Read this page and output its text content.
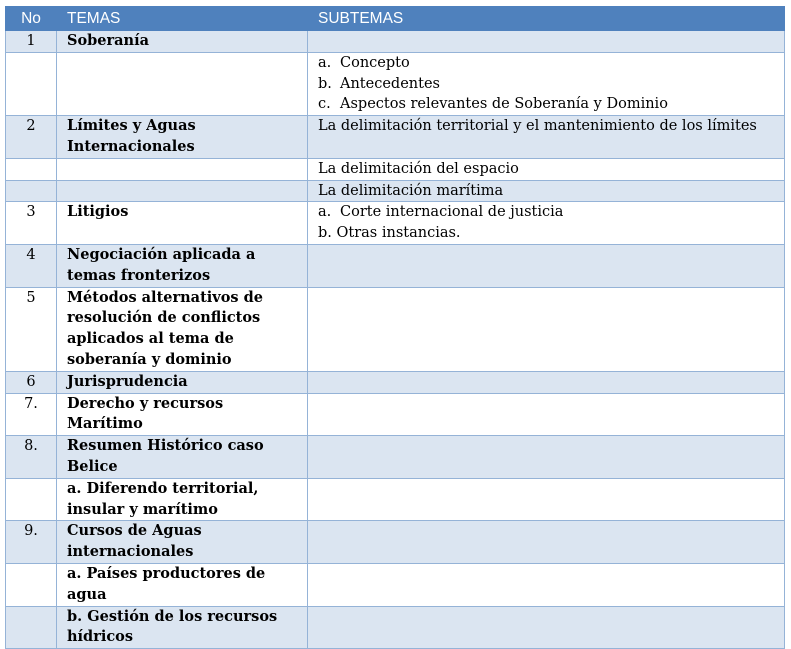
No	TEMAS	SUBTEMAS
1	Soberanía	

		a. Concepto
b. Antecedentes
c. Aspectos relevantes de Soberanía y Dominio

2	Límites y Aguas Internacionales	La delimitación territorial y el mantenimiento de los límites

		La delimitación del espacio

		La delimitación marítima

3	Litigios	a. Corte internacional de justicia
b. Otras instancias.

4	Negociación aplicada a temas fronterizos	
5	Métodos alternativos de resolución de conflictos aplicados al tema de soberanía y dominio	
6	Jurisprudencia	
7.	Derecho y recursos Marítimo	
8.	Resumen Histórico caso Belice	
	a. Diferendo territorial, insular y marítimo	
9.	Cursos de Aguas internacionales	
	a. Países productores de agua	
	b. Gestión de los recursos hídricos	
